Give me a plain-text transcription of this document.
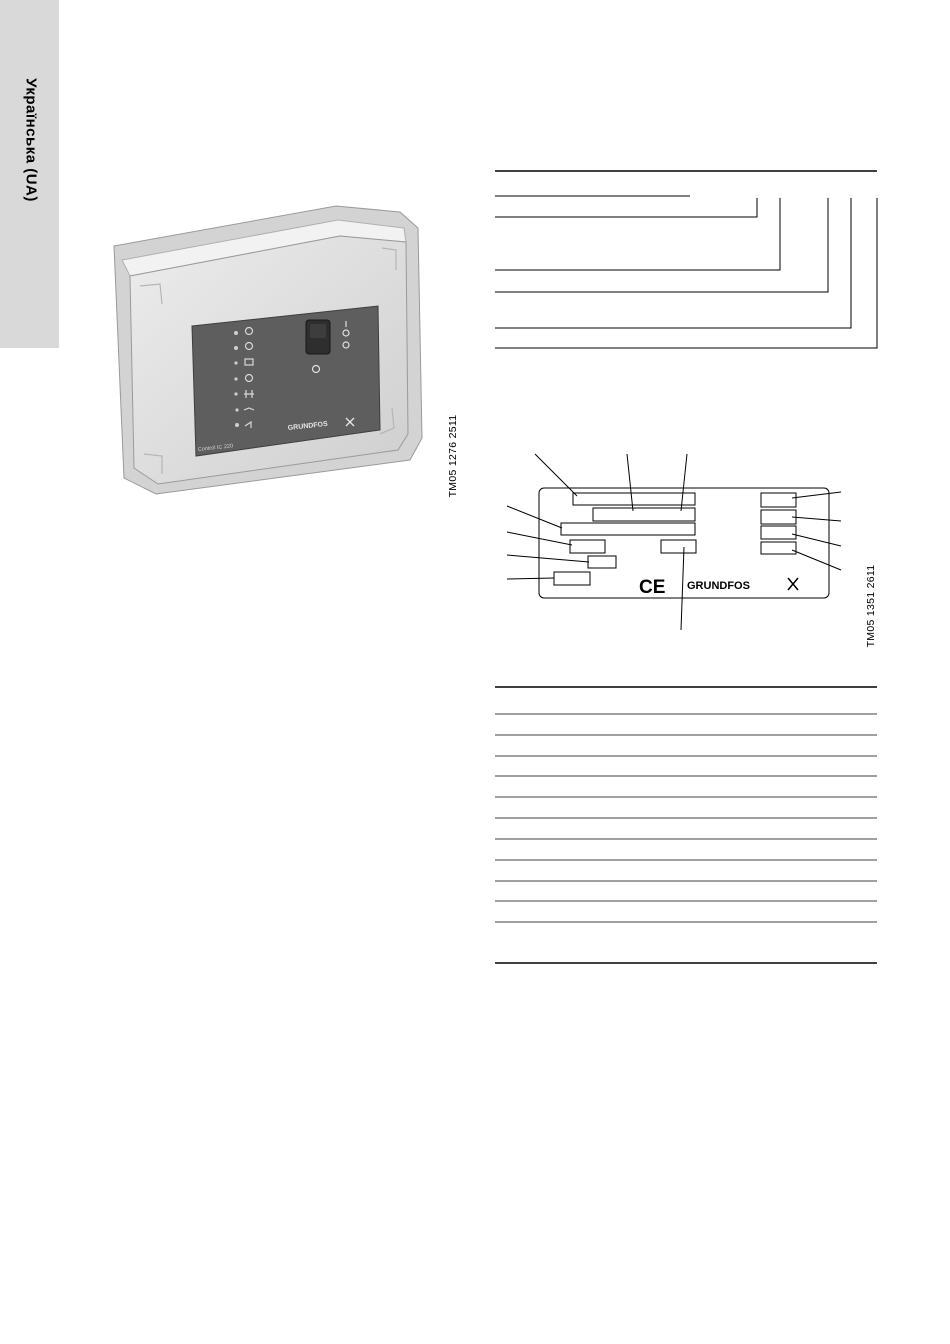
Українська (UA)
GRUNDFOS
Control IC 220	TM05 1276 2511
CE GRUNDFOS	TM05 1351 2611
